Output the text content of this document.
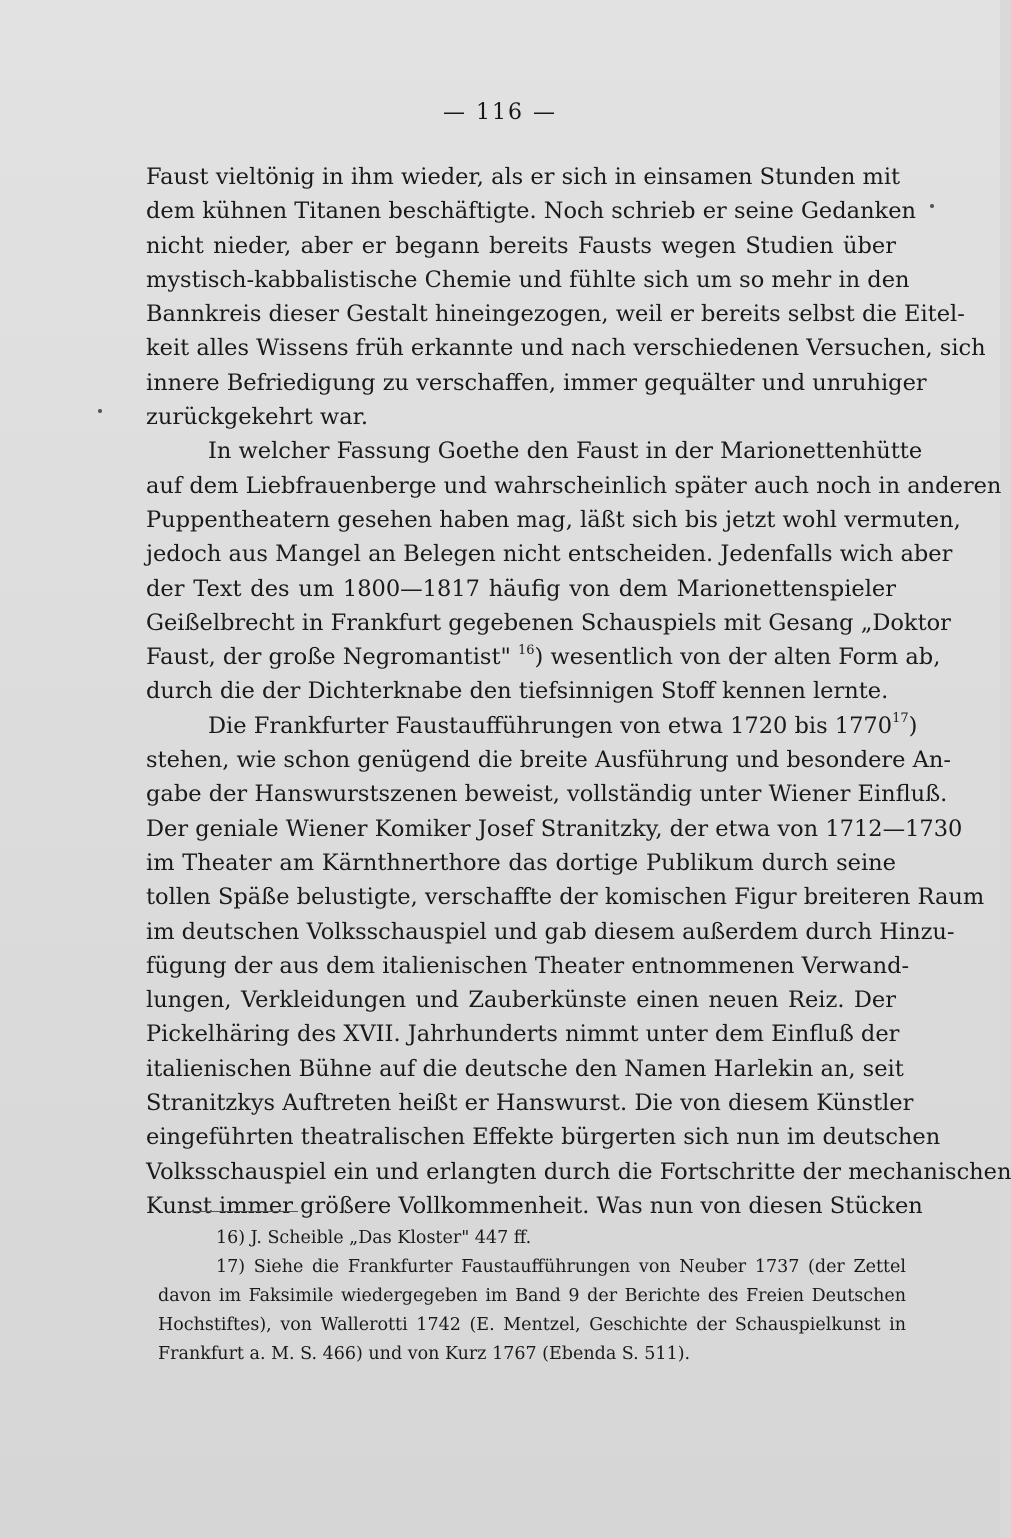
— 116 —
Faust vieltönig in ihm wieder, als er sich in einsamen Stunden mit
dem kühnen Titanen beschäftigte. Noch schrieb er seine Gedanken
nicht nieder, aber er begann bereits Fausts wegen Studien über
mystisch-kabbalistische Chemie und fühlte sich um so mehr in den
Bannkreis dieser Gestalt hineingezogen, weil er bereits selbst die Eitel-
keit alles Wissens früh erkannte und nach verschiedenen Versuchen, sich
innere Befriedigung zu verschaffen, immer gequälter und unruhiger
zurückgekehrt war.
In welcher Fassung Goethe den Faust in der Marionettenhütte
auf dem Liebfrauenberge und wahrscheinlich später auch noch in anderen
Puppentheatern gesehen haben mag, läßt sich bis jetzt wohl vermuten,
jedoch aus Mangel an Belegen nicht entscheiden. Jedenfalls wich aber
der Text des um 1800—1817 häufig von dem Marionettenspieler
Geißelbrecht in Frankfurt gegebenen Schauspiels mit Gesang „Doktor
Faust, der große Negromantist" $^{16}$) wesentlich von der alten Form ab,
durch die der Dichterknabe den tiefsinnigen Stoff kennen lernte.
Die Frankfurter Faustaufführungen von etwa 1720 bis 1770$^{17}$)
stehen, wie schon genügend die breite Ausführung und besondere An-
gabe der Hanswurstszenen beweist, vollständig unter Wiener Einfluß.
Der geniale Wiener Komiker Josef Stranitzky, der etwa von 1712—1730
im Theater am Kärnthnerthore das dortige Publikum durch seine
tollen Späße belustigte, verschaffte der komischen Figur breiteren Raum
im deutschen Volksschauspiel und gab diesem außerdem durch Hinzu-
fügung der aus dem italienischen Theater entnommenen Verwand-
lungen, Verkleidungen und Zauberkünste einen neuen Reiz. Der
Pickelhäring des XVII. Jahrhunderts nimmt unter dem Einfluß der
italienischen Bühne auf die deutsche den Namen Harlekin an, seit
Stranitzkys Auftreten heißt er Hanswurst. Die von diesem Künstler
eingeführten theatralischen Effekte bürgerten sich nun im deutschen
Volksschauspiel ein und erlangten durch die Fortschritte der mechanischen
Kunst immer größere Vollkommenheit. Was nun von diesen Stücken
16) J. Scheible „Das Kloster" 447 ff.
17) Siehe die Frankfurter Faustaufführungen von Neuber 1737 (der Zettel
davon im Faksimile wiedergegeben im Band 9 der Berichte des Freien Deutschen
Hochstiftes), von Wallerotti 1742 (E. Mentzel, Geschichte der Schauspielkunst in
Frankfurt a. M. S. 466) und von Kurz 1767 (Ebenda S. 511).
